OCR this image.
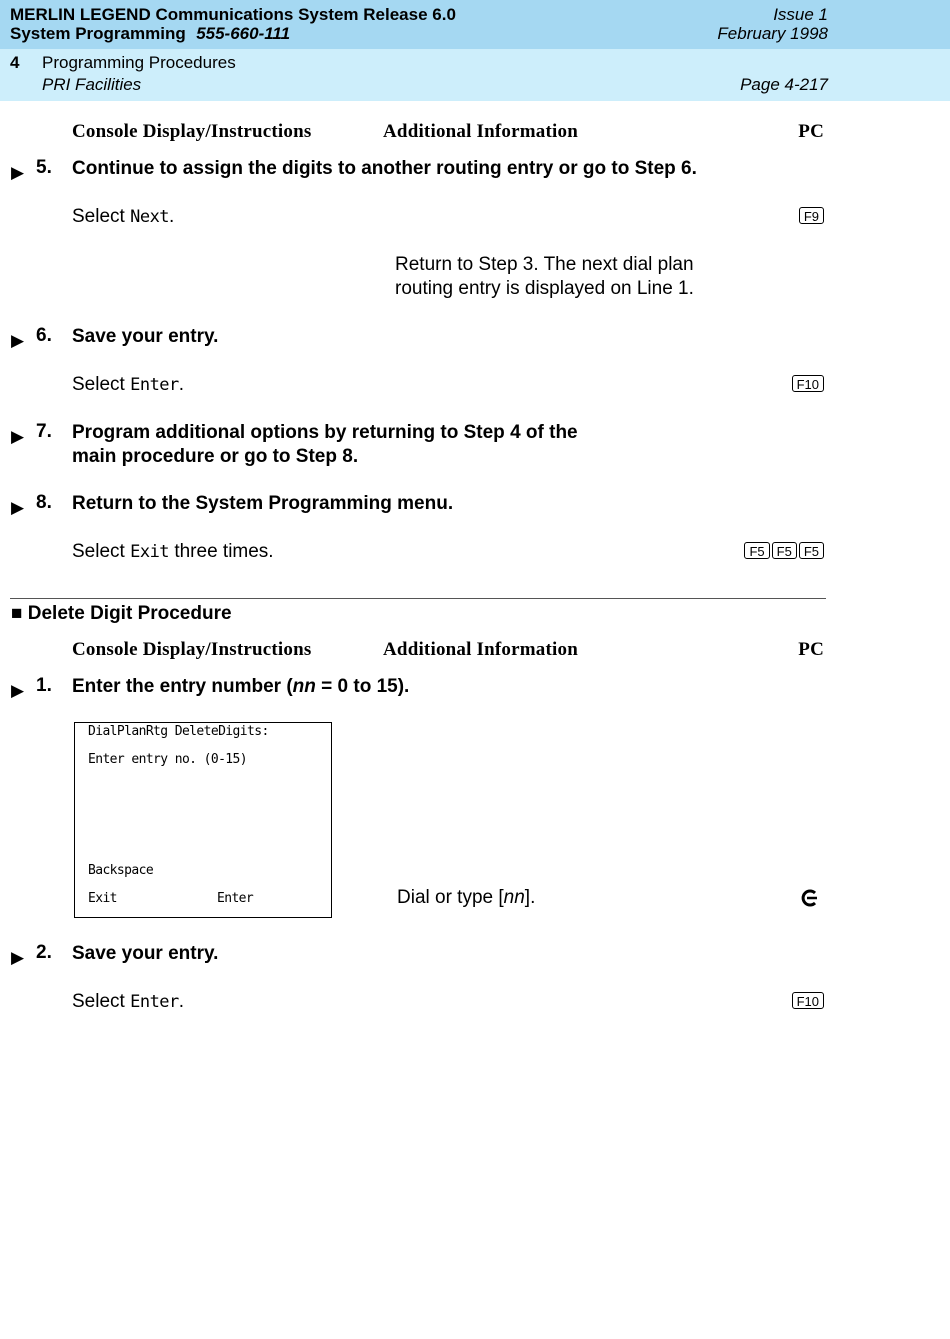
MERLIN LEGEND Communications System Release 6.0
System Programming 555-660-111
Issue 1
February 1998
4 Programming Procedures
PRI Facilities	Page 4-217
Console Display/Instructions	Additional Information	PC
▶ 5. Continue to assign the digits to another routing entry or go to Step 6.
Select Next.	F9
Return to Step 3. The next dial plan
routing entry is displayed on Line 1.
▶ 6. Save your entry.
Select Enter.	F10
▶ 7. Program additional options by returning to Step 4 of the
main procedure or go to Step 8.
▶ 8. Return to the System Programming menu.
Select Exit three times.	F5 F5 F5
■ Delete Digit Procedure
Console Display/Instructions	Additional Information	PC
▶ 1. Enter the entry number (nn = 0 to 15).
DialPlanRtg DeleteDigits:
Enter entry no. (0-15)
Backspace
Exit	Enter	Dial or type [nn].
▶ 2. Save your entry.
Select Enter.	F10
